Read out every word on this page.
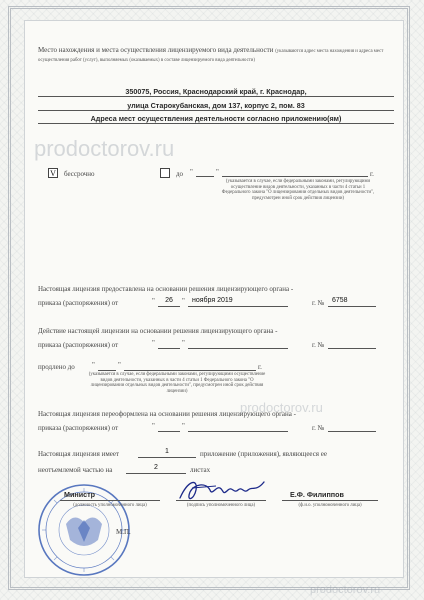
prodoctorov.ru
prodoctorov.ru
prodoctorov.ru
Место нахождения и места осуществления лицензируемого вида деятельности (указываются адрес места нахождения и адреса мест осуществления работ (услуг), выполняемых (оказываемых) в составе лицензируемого вида деятельности)
350075, Россия, Краснодарский край, г. Краснодар,
улица Старокубанская, дом 137, корпус 2, пом. 83
Адреса мест осуществления деятельности согласно приложению(ям)
V	бессрочно	до "	"	г.
(указывается в случае, если федеральными законами, регулирующими осуществление видов деятельности, указанных в части 4 статьи 1 Федерального закона "О лицензировании отдельных видов деятельности", предусмотрен иной срок действия лицензии)
Настоящая лицензия предоставлена на основании решения лицензирующего органа -
приказа (распоряжения) от	"	26	" ноября 2019	г. № 6758
Действие настоящей лицензии на основании решения лицензирующего органа -
приказа (распоряжения) от	"	"	г. №
продлено до "	"	г.
(указывается в случае, если федеральными законами, регулирующими осуществление видов деятельности, указанных в части 4 статьи 1 Федерального закона "О лицензировании отдельных видов деятельности", предусмотрен иной срок действия лицензии)
Настоящая лицензия переоформлена на основании решения лицензирующего органа -
приказа (распоряжения) от	"	"	г. №
Настоящая лицензия имеет	1	приложение (приложения), являющееся ее
неотъемлемой частью на	2	листах
Министр
(должность уполномоченного лица)	(подпись уполномоченного лица)
Е.Ф. Филиппов
(ф.и.о. уполномоченного лица)
М.П.
